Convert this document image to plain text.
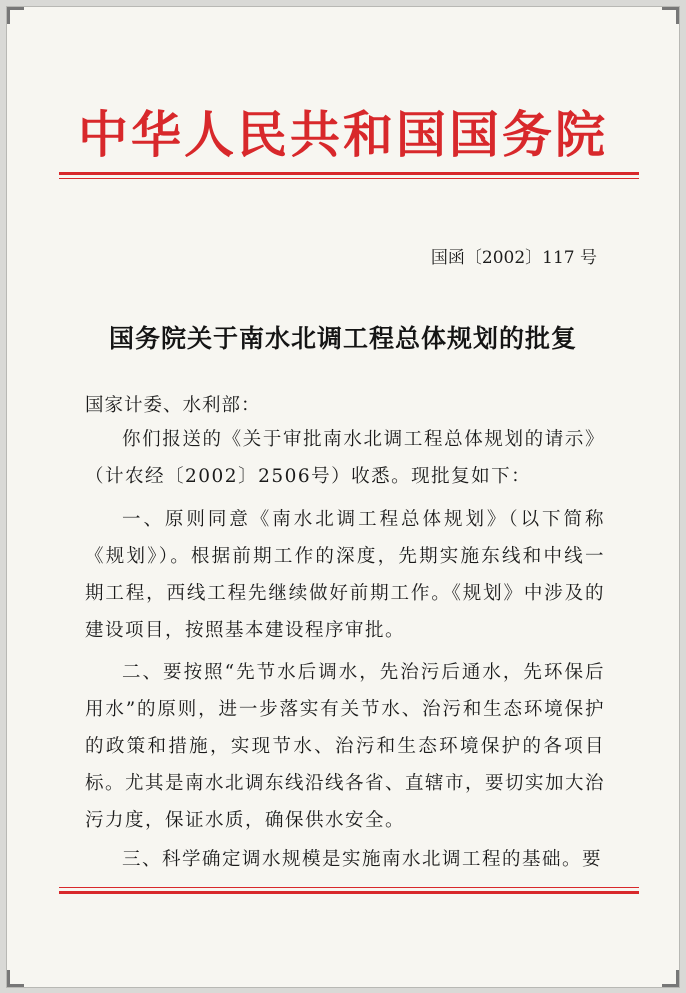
中华人民共和国国务院
国函〔2002〕117 号
国务院关于南水北调工程总体规划的批复
国家计委、水利部：
你们报送的《关于审批南水北调工程总体规划的请示》（计农经〔2002〕2506号）收悉。现批复如下：
一、原则同意《南水北调工程总体规划》（以下简称《规划》）。根据前期工作的深度，先期实施东线和中线一期工程，西线工程先继续做好前期工作。《规划》中涉及的建设项目，按照基本建设程序审批。
二、要按照“先节水后调水，先治污后通水，先环保后用水”的原则，进一步落实有关节水、治污和生态环境保护的政策和措施，实现节水、治污和生态环境保护的各项目标。尤其是南水北调东线沿线各省、直辖市，要切实加大治污力度，保证水质，确保供水安全。
三、科学确定调水规模是实施南水北调工程的基础。要
